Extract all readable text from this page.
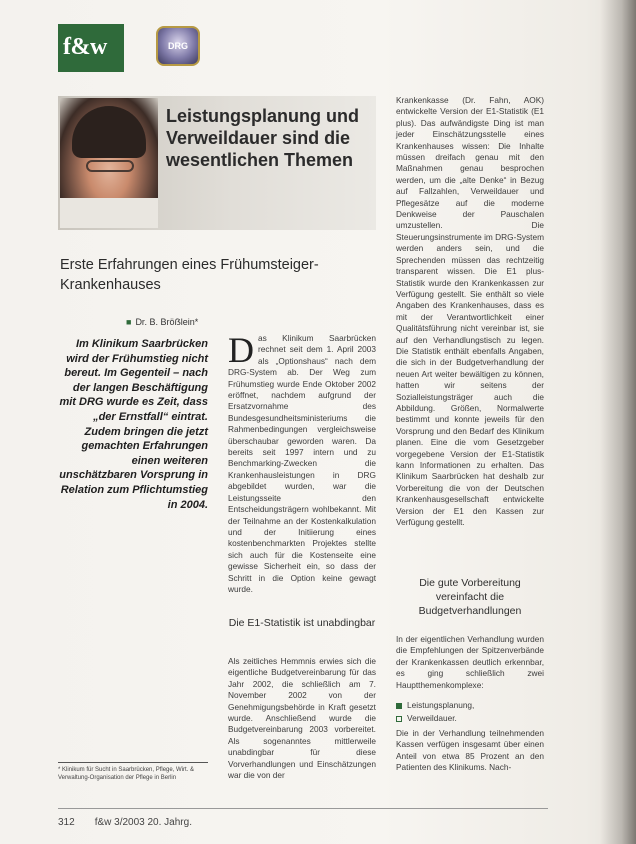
f&w	DRG
Leistungsplanung und Verweildauer sind die wesentlichen Themen
Erste Erfahrungen eines Frühumsteiger-Krankenhauses
■ Dr. B. Bröẞlein*
Im Klinikum Saarbrücken wird der Frühumstieg nicht bereut. Im Gegenteil – nach der langen Beschäftigung mit DRG wurde es Zeit, dass „der Ernstfall“ eintrat. Zudem bringen die jetzt gemachten Erfahrungen einen weiteren unschätzbaren Vorsprung in Relation zum Pflichtumstieg in 2004.
Das Klinikum Saarbrücken rechnet seit dem 1. April 2003 als „Optionshaus“ nach dem DRG-System ab. Der Weg zum Frühumstieg wurde Ende Oktober 2002 eröffnet, nachdem aufgrund der Ersatzvornahme des Bundesgesundheitsministeriums die Rahmenbedingungen vergleichsweise überschaubar geworden waren. Da bereits seit 1997 intern und zu Benchmarking-Zwecken die Krankenhausleistungen in DRG abgebildet wurden, war die Leistungsseite den Entscheidungsträgern wohlbekannt. Mit der Teilnahme an der Kostenkalkulation und der Initiierung eines kostenbenchmarkten Projektes stellte sich auch für die Kostenseite eine gewisse Sicherheit ein, so dass der Schritt in die Option keine gewagt wurde.
Die E1-Statistik ist unabdingbar
Als zeitliches Hemmnis erwies sich die eigentliche Budgetvereinbarung für das Jahr 2002, die schließlich am 7. November 2002 von der Genehmigungsbehörde in Kraft gesetzt wurde. Anschließend wurde die Budgetvereinbarung 2003 vorbereitet. Als sogenanntes mittlerweile unabdingbar für diese Vorverhandlungen und Einschätzungen war die von der
Krankenkasse (Dr. Fahn, AOK) entwickelte Version der E1-Statistik (E1 plus). Das aufwändigste Ding ist man jeder Einschätzungsstelle eines Krankenhauses wissen: Die Inhalte müssen dreifach genau mit den Maßnahmen genau besprochen werden, um die „alte Denke“ in Bezug auf Fallzahlen, Verweildauer und Pflegesätze auf die moderne Denkweise der Pauschalen umzustellen. Die Steuerungsinstrumente im DRG-System werden anders sein, und die Sprechenden müssen das rechtzeitig transparent wissen. Die E1 plus-Statistik wurde den Krankenkassen zur Verfügung gestellt. Sie enthält so viele Angaben des Krankenhauses, dass es mit der Verantwortlichkeit einer Qualitätsführung nicht vereinbar ist, sie auf den Verhandlungstisch zu legen. Die Statistik enthält ebenfalls Angaben, die sich in der Budgetverhandlung der neuen Art weiter bewältigen zu können, hatten wir seitens der Sozialleistungsträger auch die Abbildung. Größen, Normalwerte bestimmt und konnte jeweils für den Vorsprung und den Bedarf des Klinikum planen. Eine die vom Gesetzgeber vorgegebene Version der E1-Statistik kann Informationen zu erhalten. Das Klinikum Saarbrücken hat deshalb zur Vorbereitung die von der Deutschen Krankenhausgesellschaft entwickelte Version der E1 den Kassen zur Verfügung gestellt.
Die gute Vorbereitung vereinfacht die Budgetverhandlungen
In der eigentlichen Verhandlung wurden die Empfehlungen der Spitzenverbände der Krankenkassen deutlich erkennbar, es ging schließlich zwei Hauptthemenkomplexe:
Leistungsplanung,
Verweildauer.
Die in der Verhandlung teilnehmenden Kassen verfügen insgesamt über einen Anteil von etwa 85 Prozent an den Patienten des Klinikums. Nach-
* Klinikum für Sucht in Saarbrücken, Pflege, Wirt. & Verwaltung-Organisation der Pflege in Berlin
312 f&w 3/2003 20. Jahrg.
